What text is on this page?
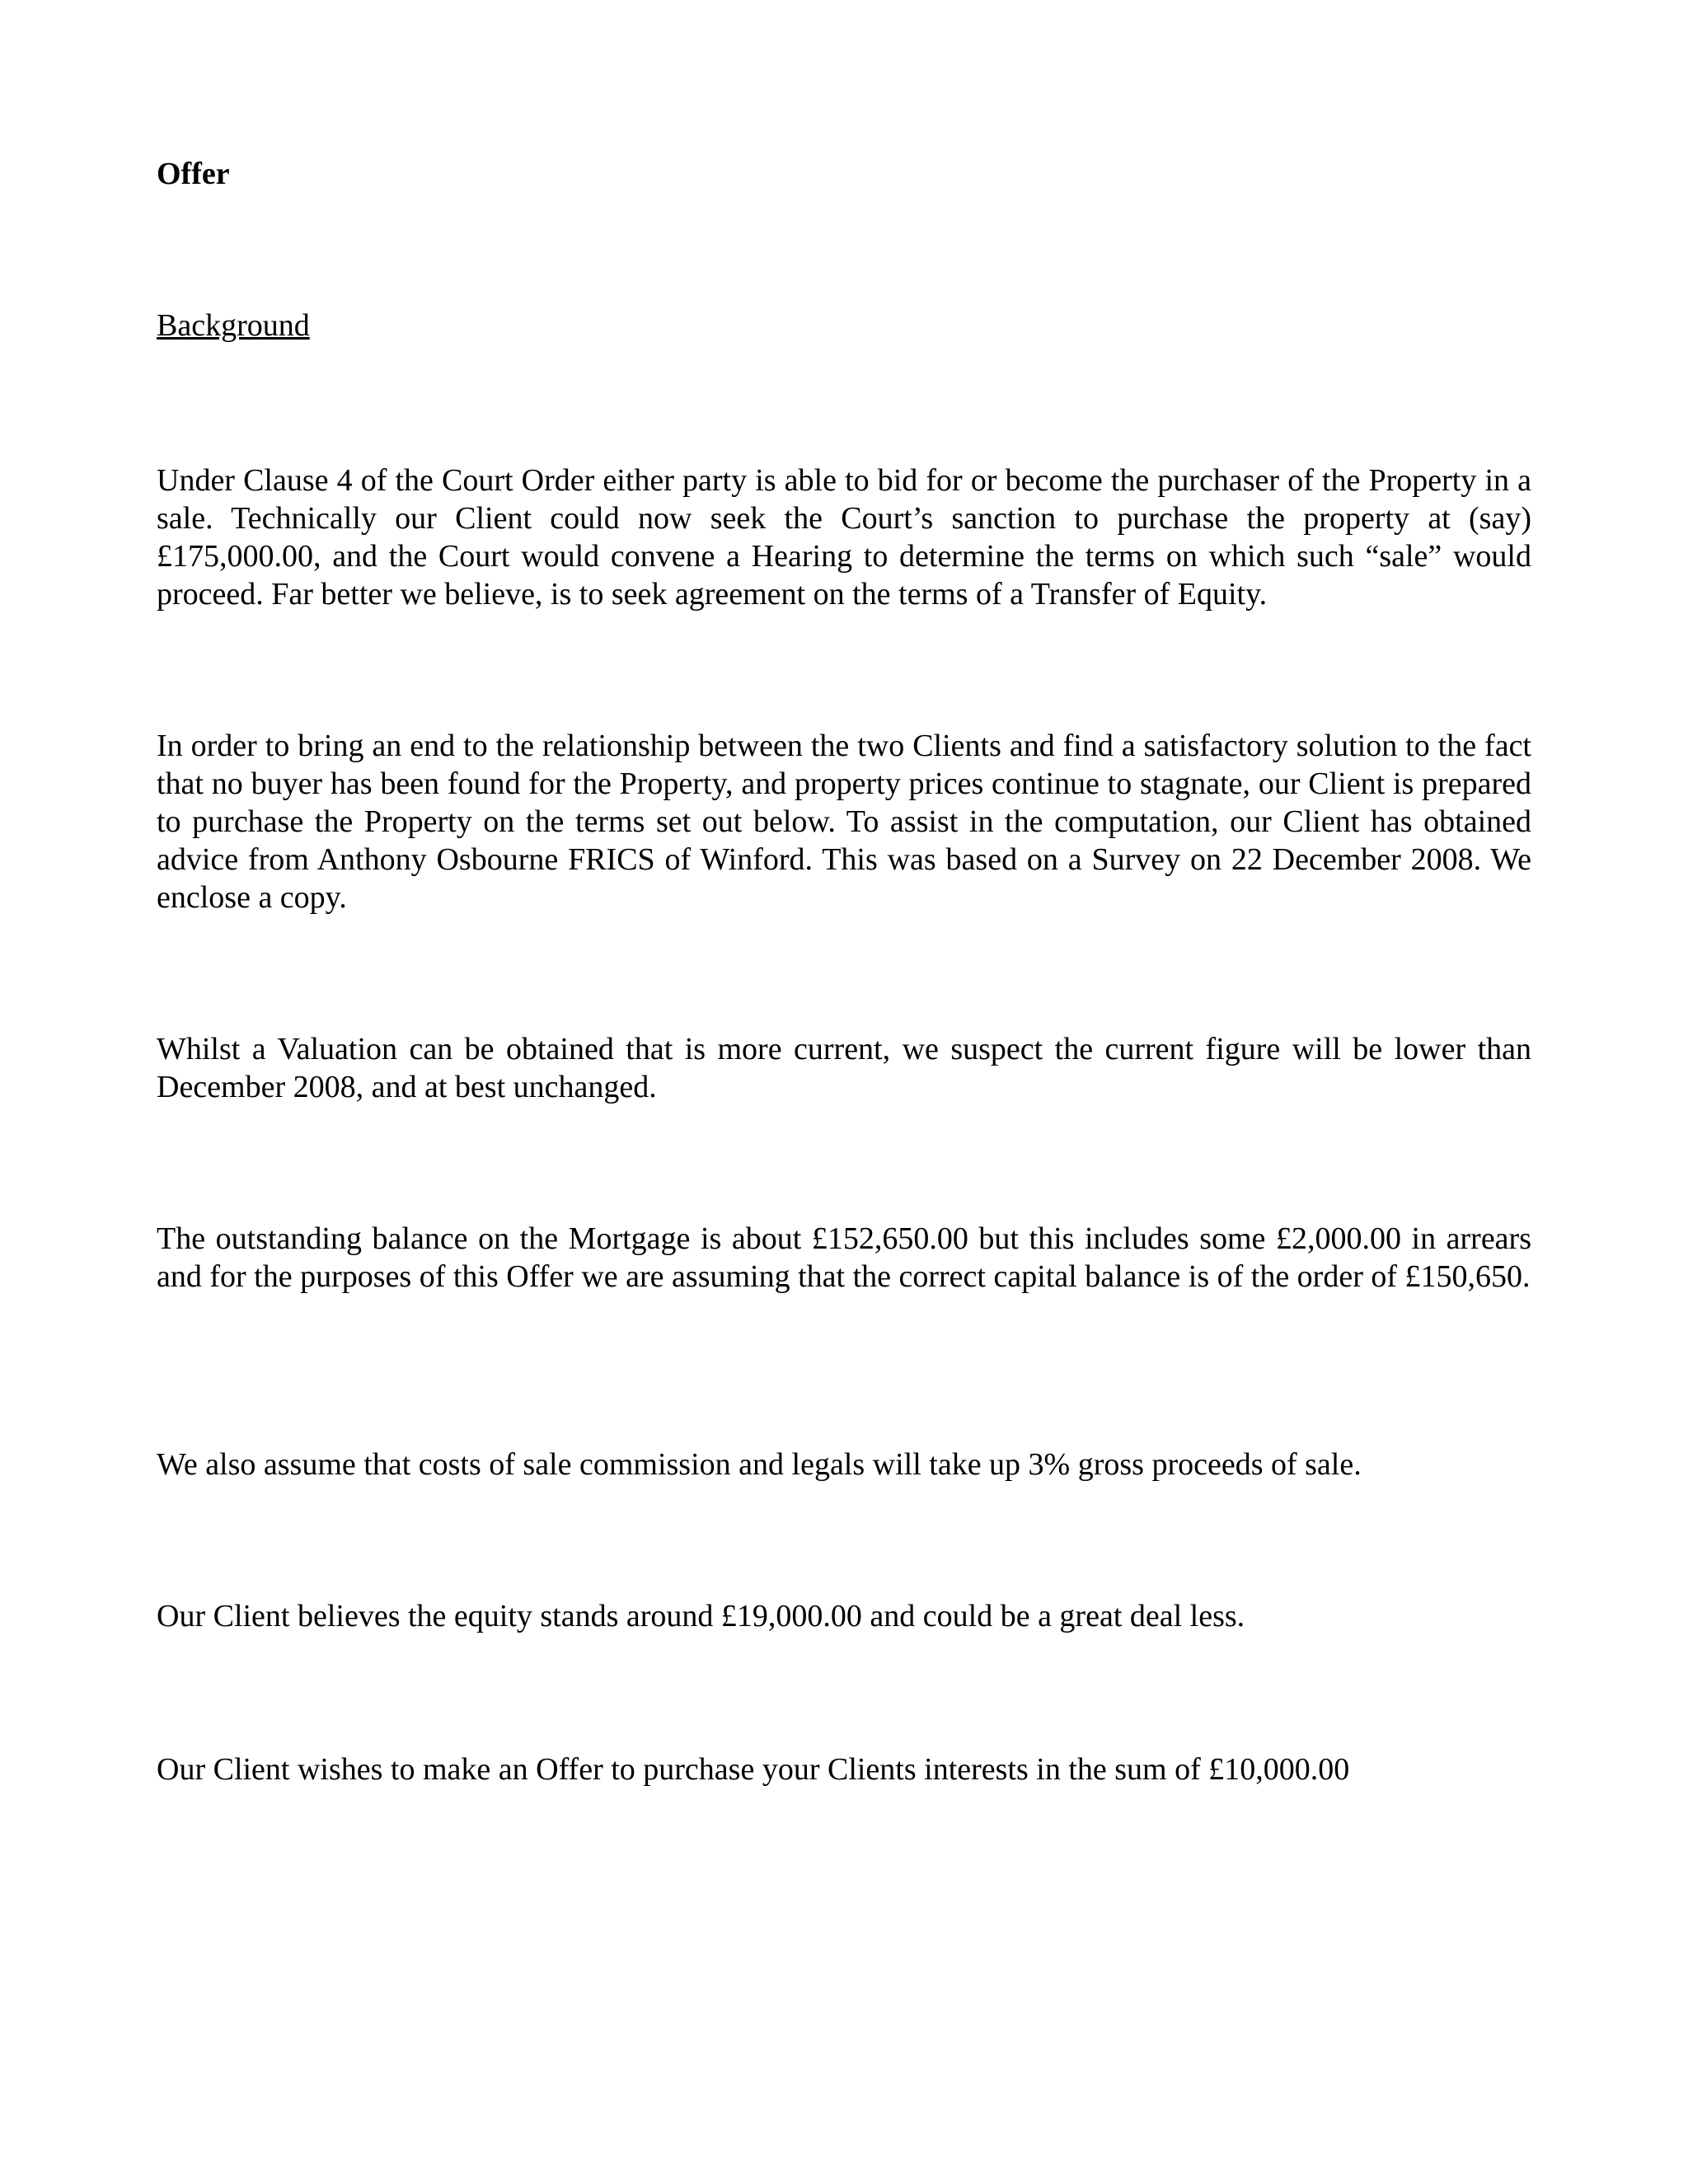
Offer

Background

Under Clause 4 of the Court Order either party is able to bid for or become the purchaser of the Property in a sale. Technically our Client could now seek the Court’s sanction to purchase the property at (say) £175,000.00, and the Court would convene a Hearing to determine the terms on which such “sale” would proceed. Far better we believe, is to seek agreement on the terms of a Transfer of Equity.

In order to bring an end to the relationship between the two Clients and find a satisfactory solution to the fact that no buyer has been found for the Property, and property prices continue to stagnate, our Client is prepared to purchase the Property on the terms set out below. To assist in the computation, our Client has obtained advice from Anthony Osbourne FRICS of Winford. This was based on a Survey on 22 December 2008. We enclose a copy.

Whilst a Valuation can be obtained that is more current, we suspect the current figure will be lower than December 2008, and at best unchanged.

The outstanding balance on the Mortgage is about £152,650.00 but this includes some £2,000.00 in arrears and for the purposes of this Offer we are assuming that the correct capital balance is of the order of £150,650.

We also assume that costs of sale commission and legals will take up 3% gross proceeds of sale.

Our Client believes the equity stands around £19,000.00 and could be a great deal less.

Our Client wishes to make an Offer to purchase your Clients interests in the sum of £10,000.00
